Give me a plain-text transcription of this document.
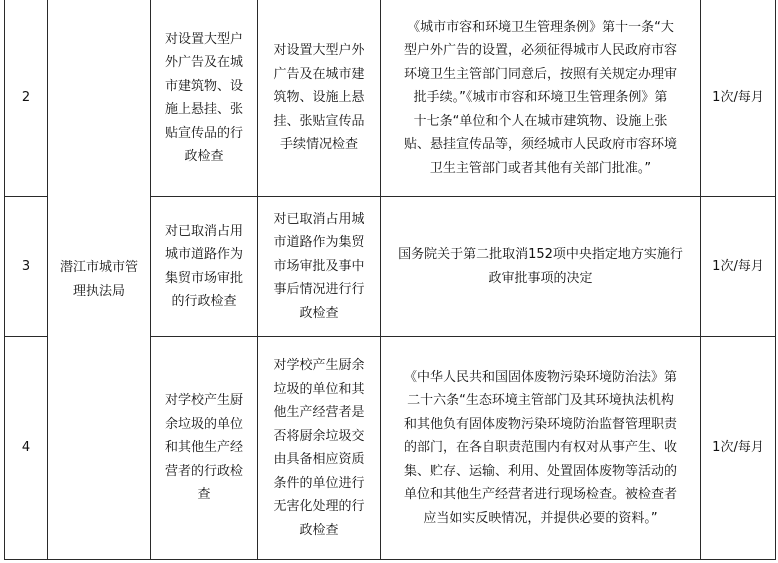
2
对设置大型户
外广告及在城
市建筑物、设
施上悬挂、张
贴宣传品的行
政检查
对设置大型户外
广告及在城市建
筑物、设施上悬
挂、张贴宣传品
手续情况检查
《城市市容和环境卫生管理条例》第十一条“大
型户外广告的设置，必须征得城市人民政府市容
环境卫生主管部门同意后，按照有关规定办理审
批手续。”《城市市容和环境卫生管理条例》第
十七条“单位和个人在城市建筑物、设施上张
贴、悬挂宣传品等，须经城市人民政府市容环境
卫生主管部门或者其他有关部门批准。”
1次/每月
3
对已取消占用
城市道路作为
集贸市场审批
的行政检查
对已取消占用城
市道路作为集贸
市场审批及事中
事后情况进行行
政检查
国务院关于第二批取消152项中央指定地方实施行
政审批事项的决定
1次/每月
4
对学校产生厨
余垃圾的单位
和其他生产经
营者的行政检
查
对学校产生厨余
垃圾的单位和其
他生产经营者是
否将厨余垃圾交
由具备相应资质
条件的单位进行
无害化处理的行
政检查
《中华人民共和国固体废物污染环境防治法》第
二十六条“生态环境主管部门及其环境执法机构
和其他负有固体废物污染环境防治监督管理职责
的部门，在各自职责范围内有权对从事产生、收
集、贮存、运输、利用、处置固体废物等活动的
单位和其他生产经营者进行现场检查。被检查者
应当如实反映情况，并提供必要的资料。”
1次/每月
潜江市城市管
理执法局
